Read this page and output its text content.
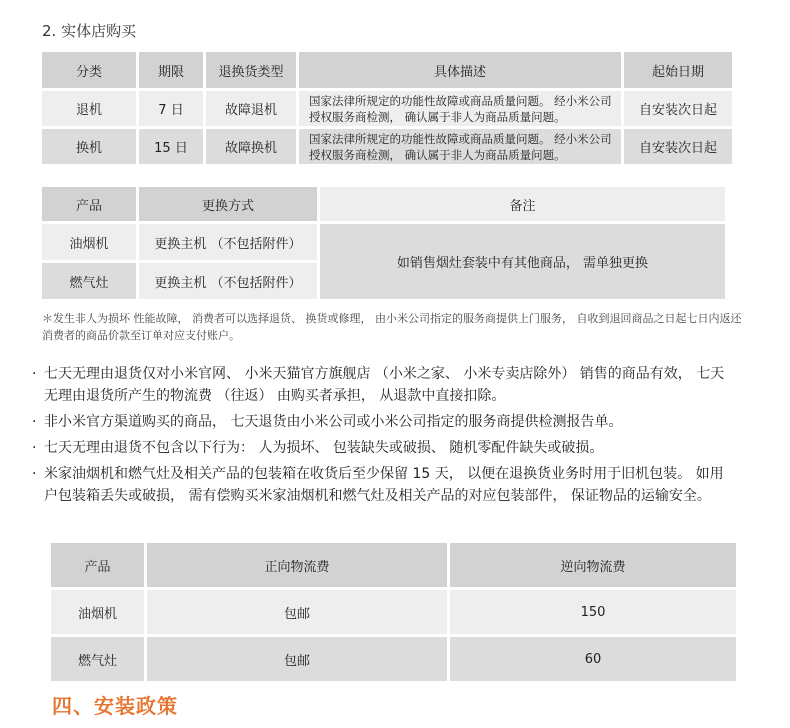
2. 实体店购买
分类	期限	退换货类型	具体描述	起始日期
退机	7 日	故障退机	国家法律所规定的功能性故障或商品质量问题。 经小米公司授权服务商检测， 确认属于非人为商品质量问题。	自安装次日起
换机	15 日	故障换机	国家法律所规定的功能性故障或商品质量问题。 经小米公司授权服务商检测， 确认属于非人为商品质量问题。	自安装次日起
产品	更换方式	备注
油烟机	更换主机 （不包括附件）	如销售烟灶套装中有其他商品， 需单独更换
燃气灶	更换主机 （不包括附件）	
＊发生非人为损坏 性能故障， 消费者可以选择退货、 换货或修理， 由小米公司指定的服务商提供上门服务， 自收到退回商品之日起七日内返还消费者的商品价款至订单对应支付账户。
· 七天无理由退货仅对小米官网、 小米天猫官方旗舰店 （小米之家、 小米专卖店除外） 销售的商品有效， 七天无理由退货所产生的物流费 （往返） 由购买者承担， 从退款中直接扣除。
· 非小米官方渠道购买的商品， 七天退货由小米公司或小米公司指定的服务商提供检测报告单。
· 七天无理由退货不包含以下行为： 人为损坏、 包装缺失或破损、 随机零配件缺失或破损。
· 米家油烟机和燃气灶及相关产品的包装箱在收货后至少保留 15 天， 以便在退换货业务时用于旧机包装。 如用户包装箱丢失或破损， 需有偿购买米家油烟机和燃气灶及相关产品的对应包装部件， 保证物品的运输安全。
产品	正向物流费	逆向物流费
油烟机	包邮	150
燃气灶	包邮	60
四、安装政策
